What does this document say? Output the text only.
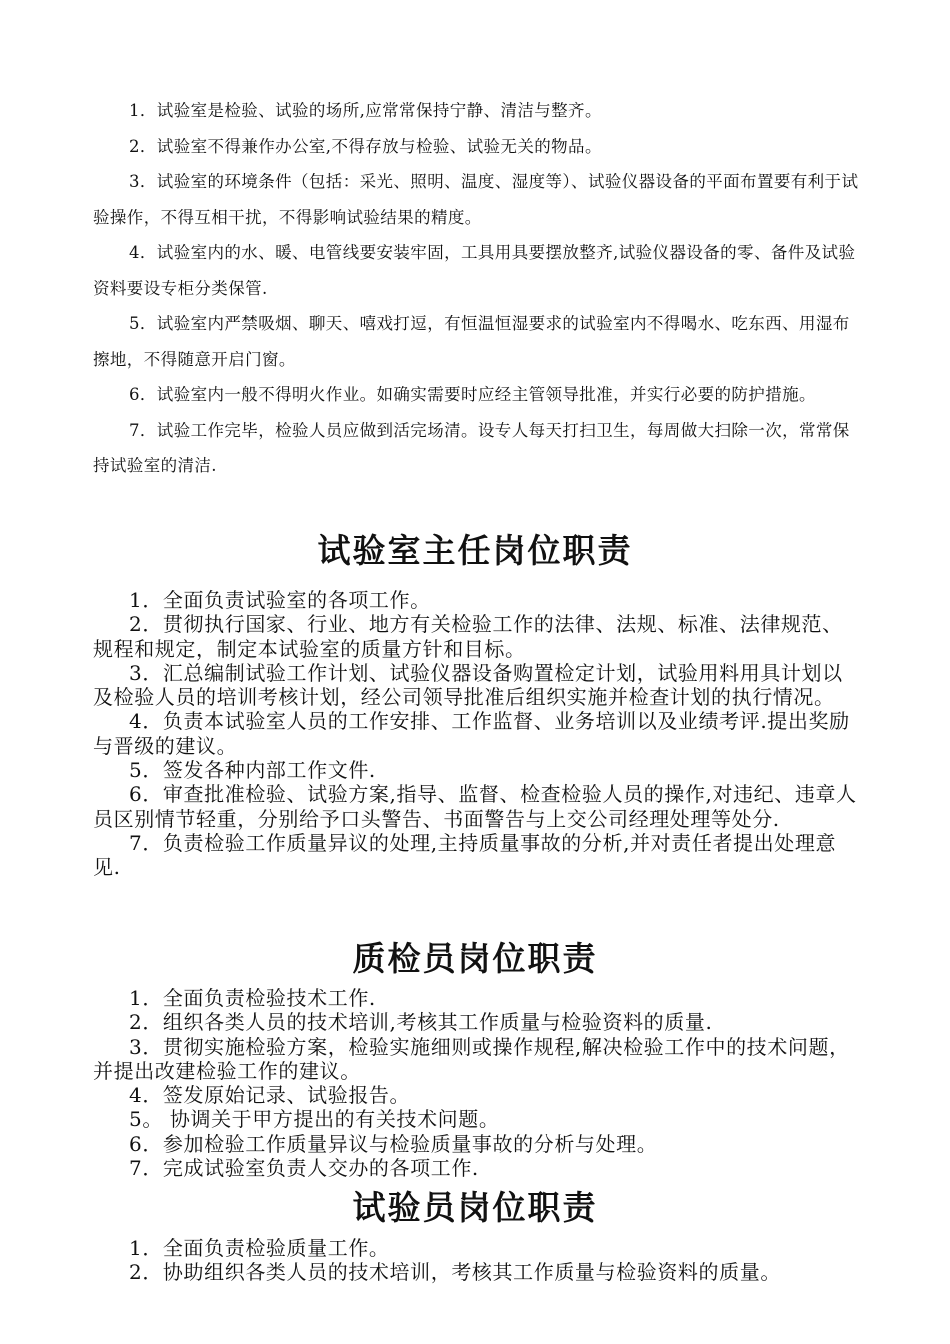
1．试验室是检验、试验的场所,应常常保持宁静、清洁与整齐。

2．试验室不得兼作办公室,不得存放与检验、试验无关的物品。

3．试验室的环境条件（包括：采光、照明、温度、湿度等）、试验仪器设备的平面布置要有利于试验操作，不得互相干扰，不得影响试验结果的精度。

4．试验室内的水、暖、电管线要安装牢固，工具用具要摆放整齐,试验仪器设备的零、备件及试验资料要设专柜分类保管.

5．试验室内严禁吸烟、聊天、嘻戏打逗，有恒温恒湿要求的试验室内不得喝水、吃东西、用湿布擦地，不得随意开启门窗。

6．试验室内一般不得明火作业。如确实需要时应经主管领导批准，并实行必要的防护措施。

7．试验工作完毕，检验人员应做到活完场清。设专人每天打扫卫生，每周做大扫除一次，常常保持试验室的清洁.

试验室主任岗位职责

1．全面负责试验室的各项工作。

2．贯彻执行国家、行业、地方有关检验工作的法律、法规、标准、法律规范、规程和规定，制定本试验室的质量方针和目标。

3．汇总编制试验工作计划、试验仪器设备购置检定计划，试验用料用具计划以及检验人员的培训考核计划，经公司领导批准后组织实施并检查计划的执行情况。

4．负责本试验室人员的工作安排、工作监督、业务培训以及业绩考评.提出奖励与晋级的建议。

5．签发各种内部工作文件.

6．审查批准检验、试验方案,指导、监督、检查检验人员的操作,对违纪、违章人员区别情节轻重，分别给予口头警告、书面警告与上交公司经理处理等处分.

7．负责检验工作质量异议的处理,主持质量事故的分析,并对责任者提出处理意见.

质检员岗位职责

1．全面负责检验技术工作.

2．组织各类人员的技术培训,考核其工作质量与检验资料的质量.

3．贯彻实施检验方案，检验实施细则或操作规程,解决检验工作中的技术问题，并提出改建检验工作的建议。

4．签发原始记录、试验报告。

5。 协调关于甲方提出的有关技术问题。

6．参加检验工作质量异议与检验质量事故的分析与处理。

7．完成试验室负责人交办的各项工作.

试验员岗位职责

1．全面负责检验质量工作。

2．协助组织各类人员的技术培训，考核其工作质量与检验资料的质量。
